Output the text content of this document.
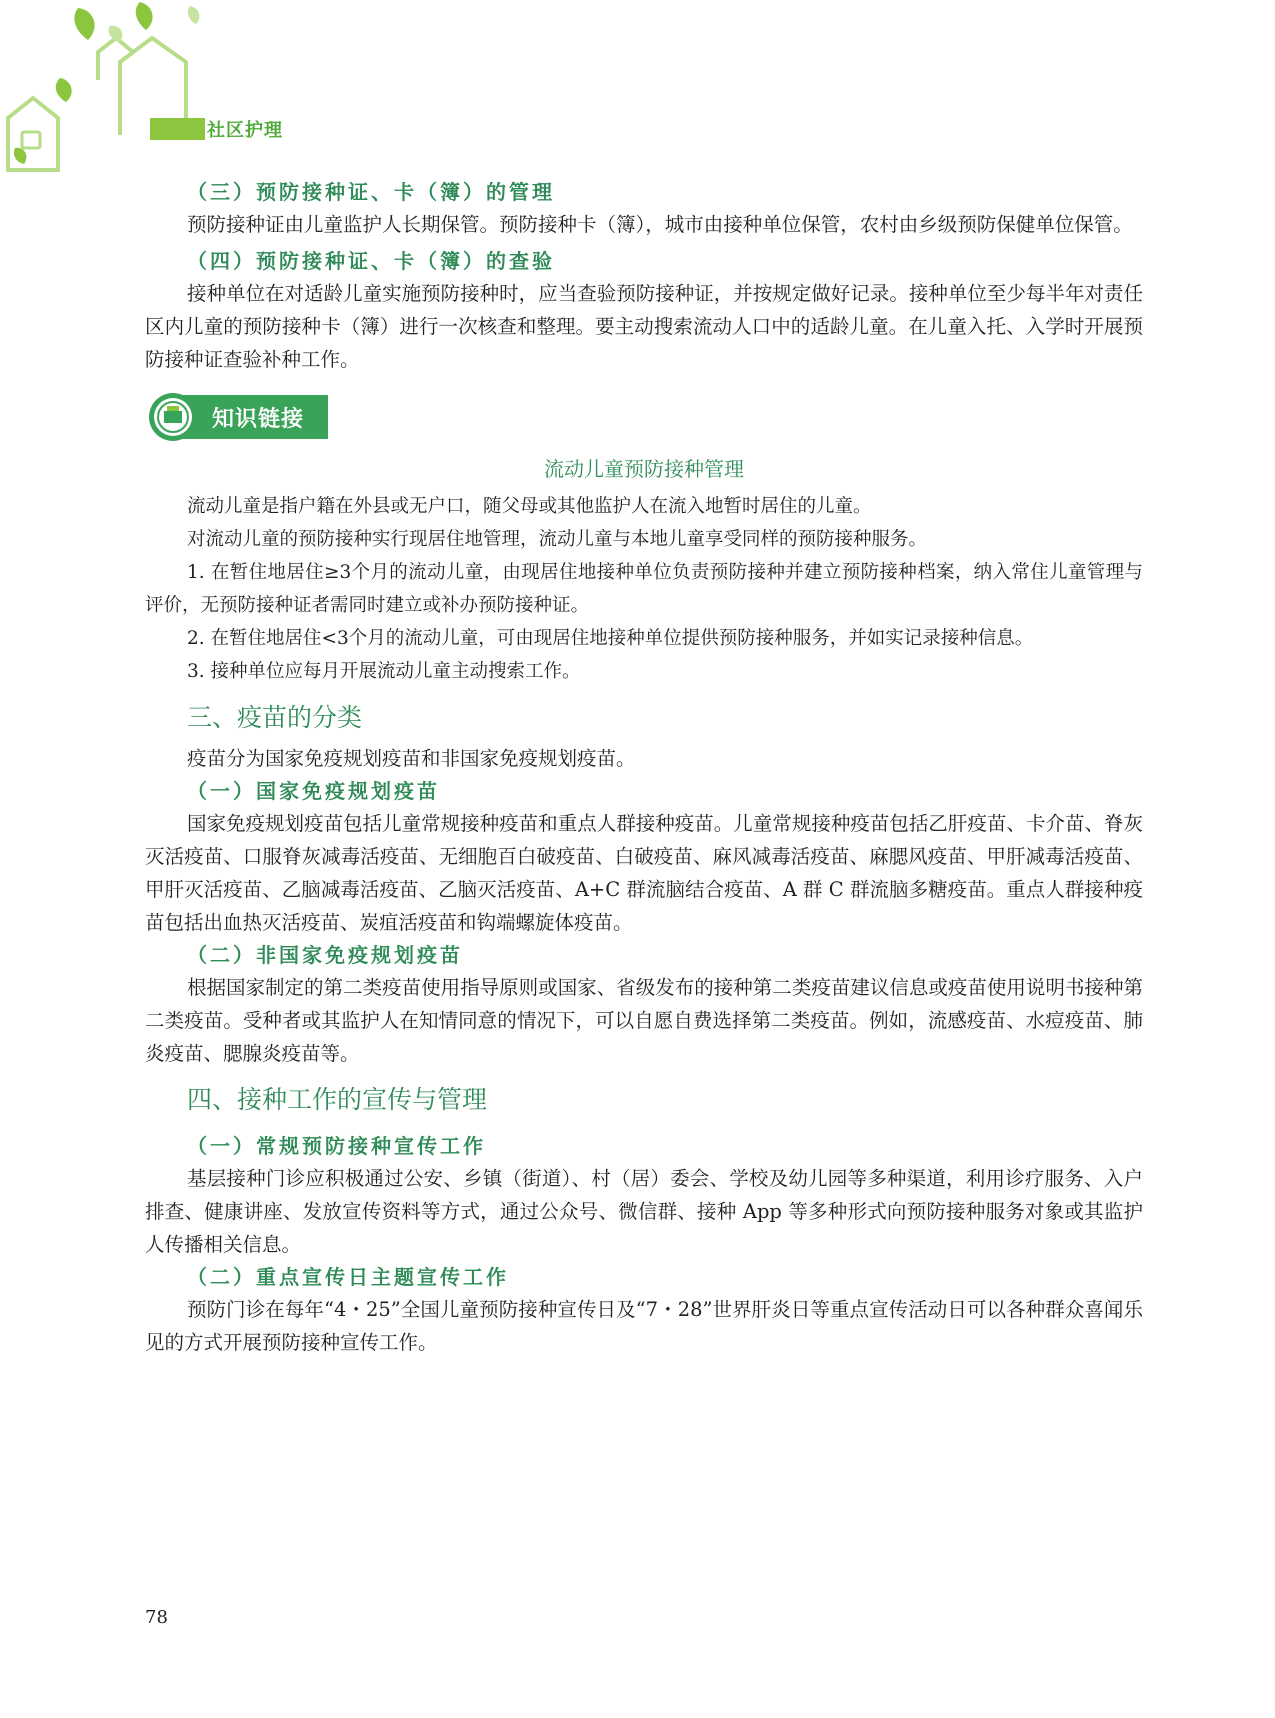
社区护理
（三）预防接种证、卡（簿）的管理

预防接种证由儿童监护人长期保管。预防接种卡（簿），城市由接种单位保管，农村由乡级预防保健单位保管。

（四）预防接种证、卡（簿）的查验

接种单位在对适龄儿童实施预防接种时，应当查验预防接种证，并按规定做好记录。接种单位至少每半年对责任区内儿童的预防接种卡（簿）进行一次核查和整理。要主动搜索流动人口中的适龄儿童。在儿童入托、入学时开展预防接种证查验补种工作。

知识链接
流动儿童预防接种管理

流动儿童是指户籍在外县或无户口，随父母或其他监护人在流入地暂时居住的儿童。

对流动儿童的预防接种实行现居住地管理，流动儿童与本地儿童享受同样的预防接种服务。

1. 在暂住地居住≥3个月的流动儿童，由现居住地接种单位负责预防接种并建立预防接种档案，纳入常住儿童管理与评价，无预防接种证者需同时建立或补办预防接种证。

2. 在暂住地居住<3个月的流动儿童，可由现居住地接种单位提供预防接种服务，并如实记录接种信息。

3. 接种单位应每月开展流动儿童主动搜索工作。

三、疫苗的分类

疫苗分为国家免疫规划疫苗和非国家免疫规划疫苗。

（一）国家免疫规划疫苗

国家免疫规划疫苗包括儿童常规接种疫苗和重点人群接种疫苗。儿童常规接种疫苗包括乙肝疫苗、卡介苗、脊灰灭活疫苗、口服脊灰减毒活疫苗、无细胞百白破疫苗、白破疫苗、麻风减毒活疫苗、麻腮风疫苗、甲肝减毒活疫苗、甲肝灭活疫苗、乙脑减毒活疫苗、乙脑灭活疫苗、A+C 群流脑结合疫苗、A 群 C 群流脑多糖疫苗。重点人群接种疫苗包括出血热灭活疫苗、炭疽活疫苗和钩端螺旋体疫苗。

（二）非国家免疫规划疫苗

根据国家制定的第二类疫苗使用指导原则或国家、省级发布的接种第二类疫苗建议信息或疫苗使用说明书接种第二类疫苗。受种者或其监护人在知情同意的情况下，可以自愿自费选择第二类疫苗。例如，流感疫苗、水痘疫苗、肺炎疫苗、腮腺炎疫苗等。

四、接种工作的宣传与管理
（一）常规预防接种宣传工作

基层接种门诊应积极通过公安、乡镇（街道）、村（居）委会、学校及幼儿园等多种渠道，利用诊疗服务、入户排查、健康讲座、发放宣传资料等方式，通过公众号、微信群、接种 App 等多种形式向预防接种服务对象或其监护人传播相关信息。

（二）重点宣传日主题宣传工作

预防门诊在每年“4・25”全国儿童预防接种宣传日及“7・28”世界肝炎日等重点宣传活动日可以各种群众喜闻乐见的方式开展预防接种宣传工作。

78
